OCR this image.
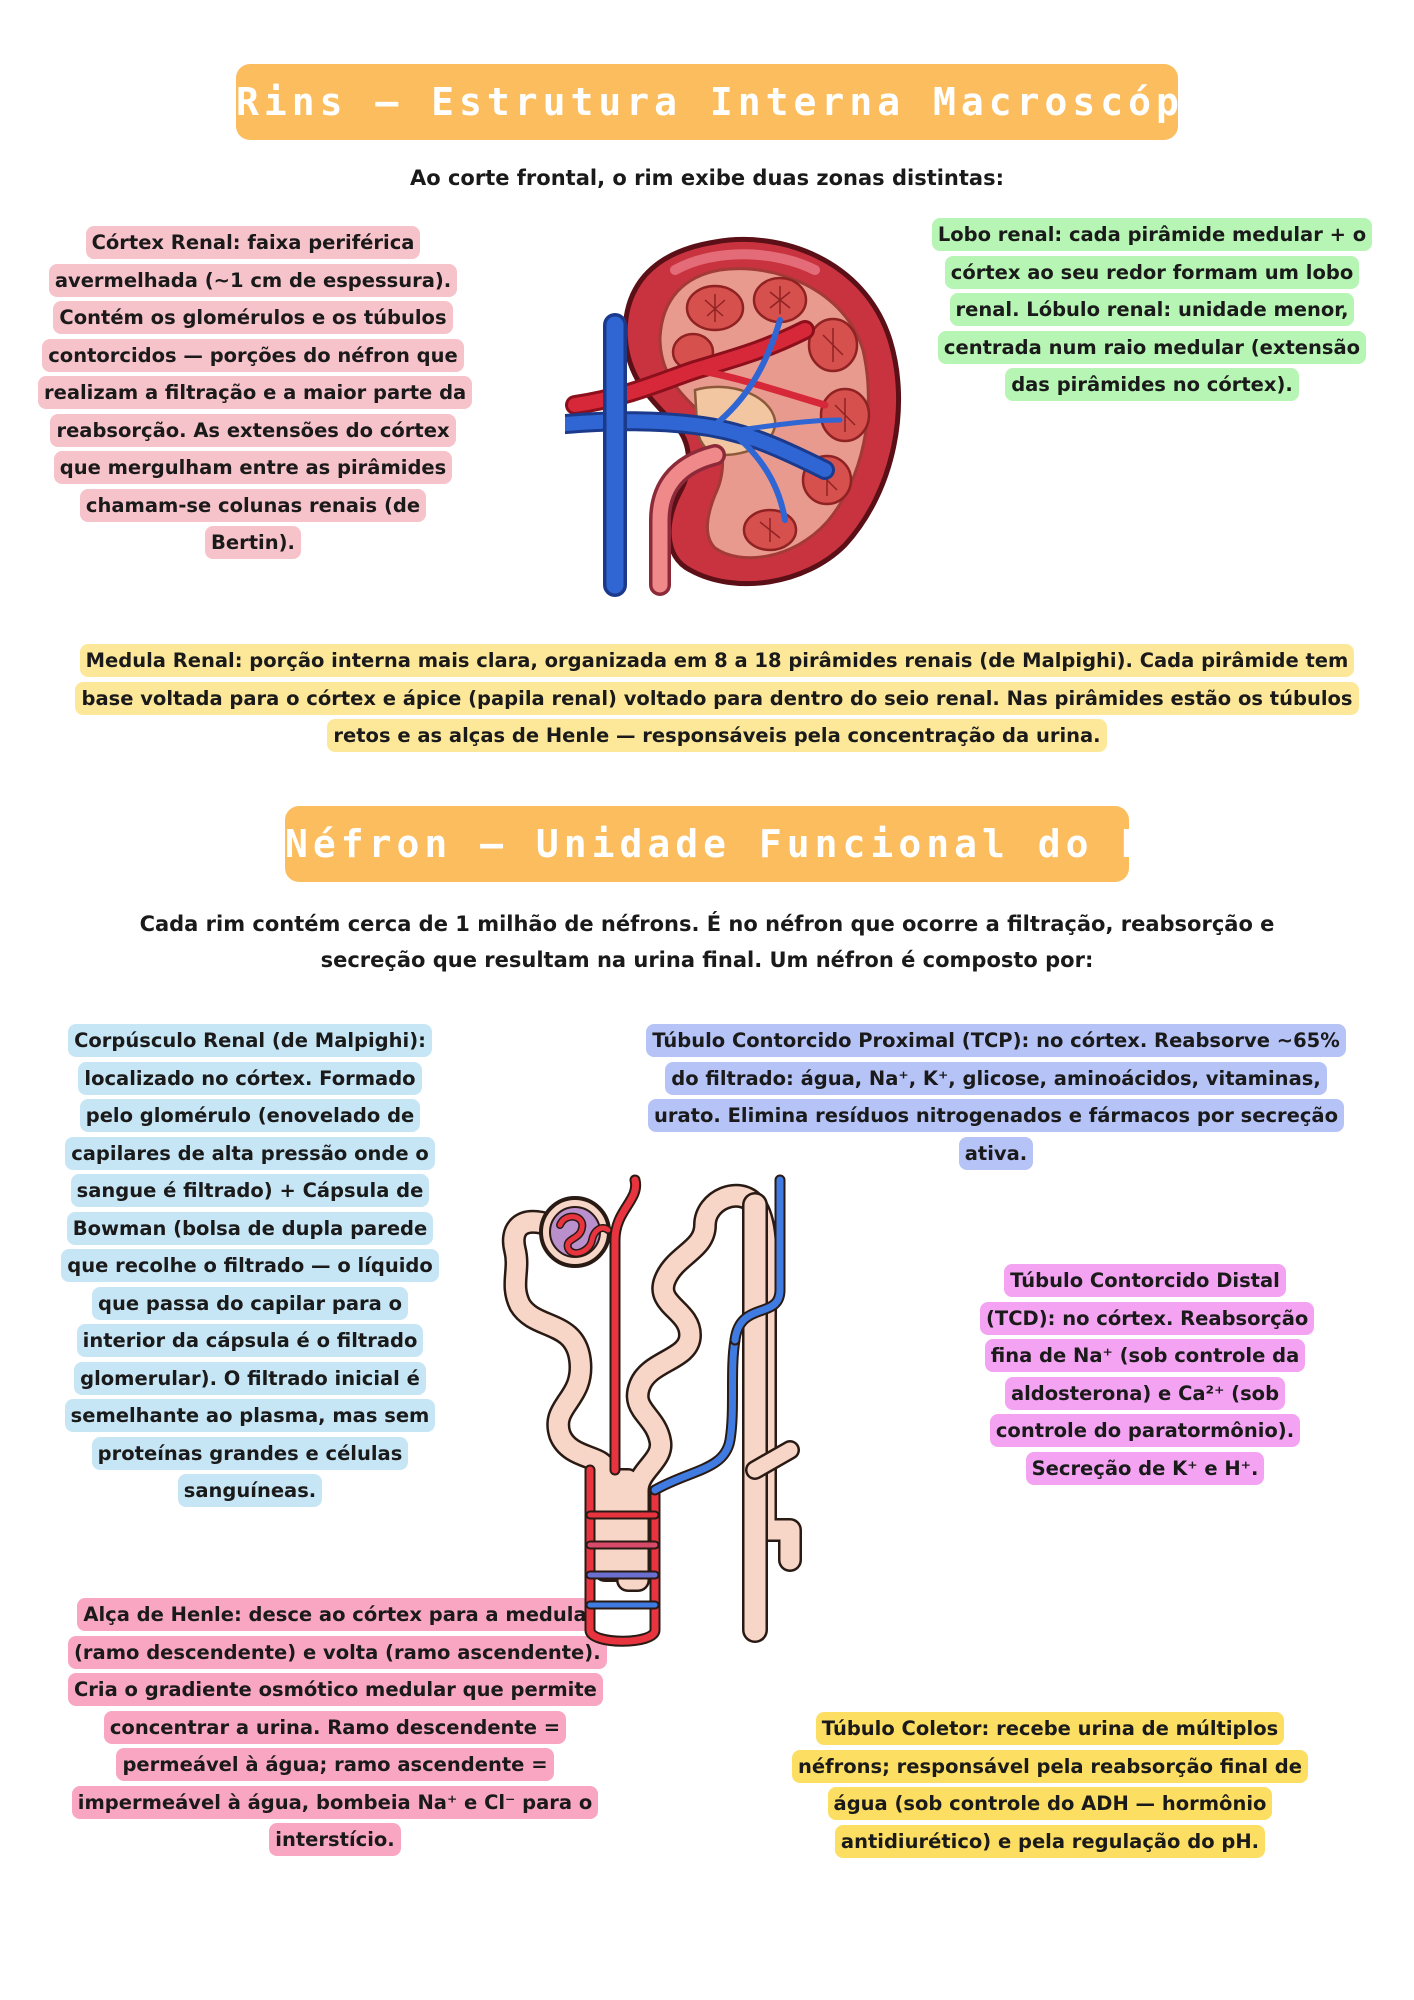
Rins — Estrutura Interna Macroscópica
Ao corte frontal, o rim exibe duas zonas distintas:
Córtex Renal: faixa periférica avermelhada (~1 cm de espessura). Contém os glomérulos e os túbulos contorcidos — porções do néfron que realizam a filtração e a maior parte da reabsorção. As extensões do córtex que mergulham entre as pirâmides chamam-se colunas renais (de Bertin).
Lobo renal: cada pirâmide medular + o córtex ao seu redor formam um lobo renal. Lóbulo renal: unidade menor, centrada num raio medular (extensão das pirâmides no córtex).
Medula Renal: porção interna mais clara, organizada em 8 a 18 pirâmides renais (de Malpighi). Cada pirâmide tem base voltada para o córtex e ápice (papila renal) voltado para dentro do seio renal. Nas pirâmides estão os túbulos retos e as alças de Henle — responsáveis pela concentração da urina.
Néfron — Unidade Funcional do Rim
Cada rim contém cerca de 1 milhão de néfrons. É no néfron que ocorre a filtração, reabsorção e
secreção que resultam na urina final. Um néfron é composto por:
Corpúsculo Renal (de Malpighi): localizado no córtex. Formado pelo glomérulo (enovelado de capilares de alta pressão onde o sangue é filtrado) + Cápsula de Bowman (bolsa de dupla parede que recolhe o filtrado — o líquido que passa do capilar para o interior da cápsula é o filtrado glomerular). O filtrado inicial é semelhante ao plasma, mas sem proteínas grandes e células sanguíneas.
Túbulo Contorcido Proximal (TCP): no córtex. Reabsorve ~65% do filtrado: água, Na⁺, K⁺, glicose, aminoácidos, vitaminas, urato. Elimina resíduos nitrogenados e fármacos por secreção ativa.
Túbulo Contorcido Distal (TCD): no córtex. Reabsorção fina de Na⁺ (sob controle da aldosterona) e Ca²⁺ (sob controle do paratormônio). Secreção de K⁺ e H⁺.
Alça de Henle: desce ao córtex para a medula (ramo descendente) e volta (ramo ascendente). Cria o gradiente osmótico medular que permite concentrar a urina. Ramo descendente = permeável à água; ramo ascendente = impermeável à água, bombeia Na⁺ e Cl⁻ para o interstício.
Túbulo Coletor: recebe urina de múltiplos néfrons; responsável pela reabsorção final de água (sob controle do ADH — hormônio antidiurético) e pela regulação do pH.
